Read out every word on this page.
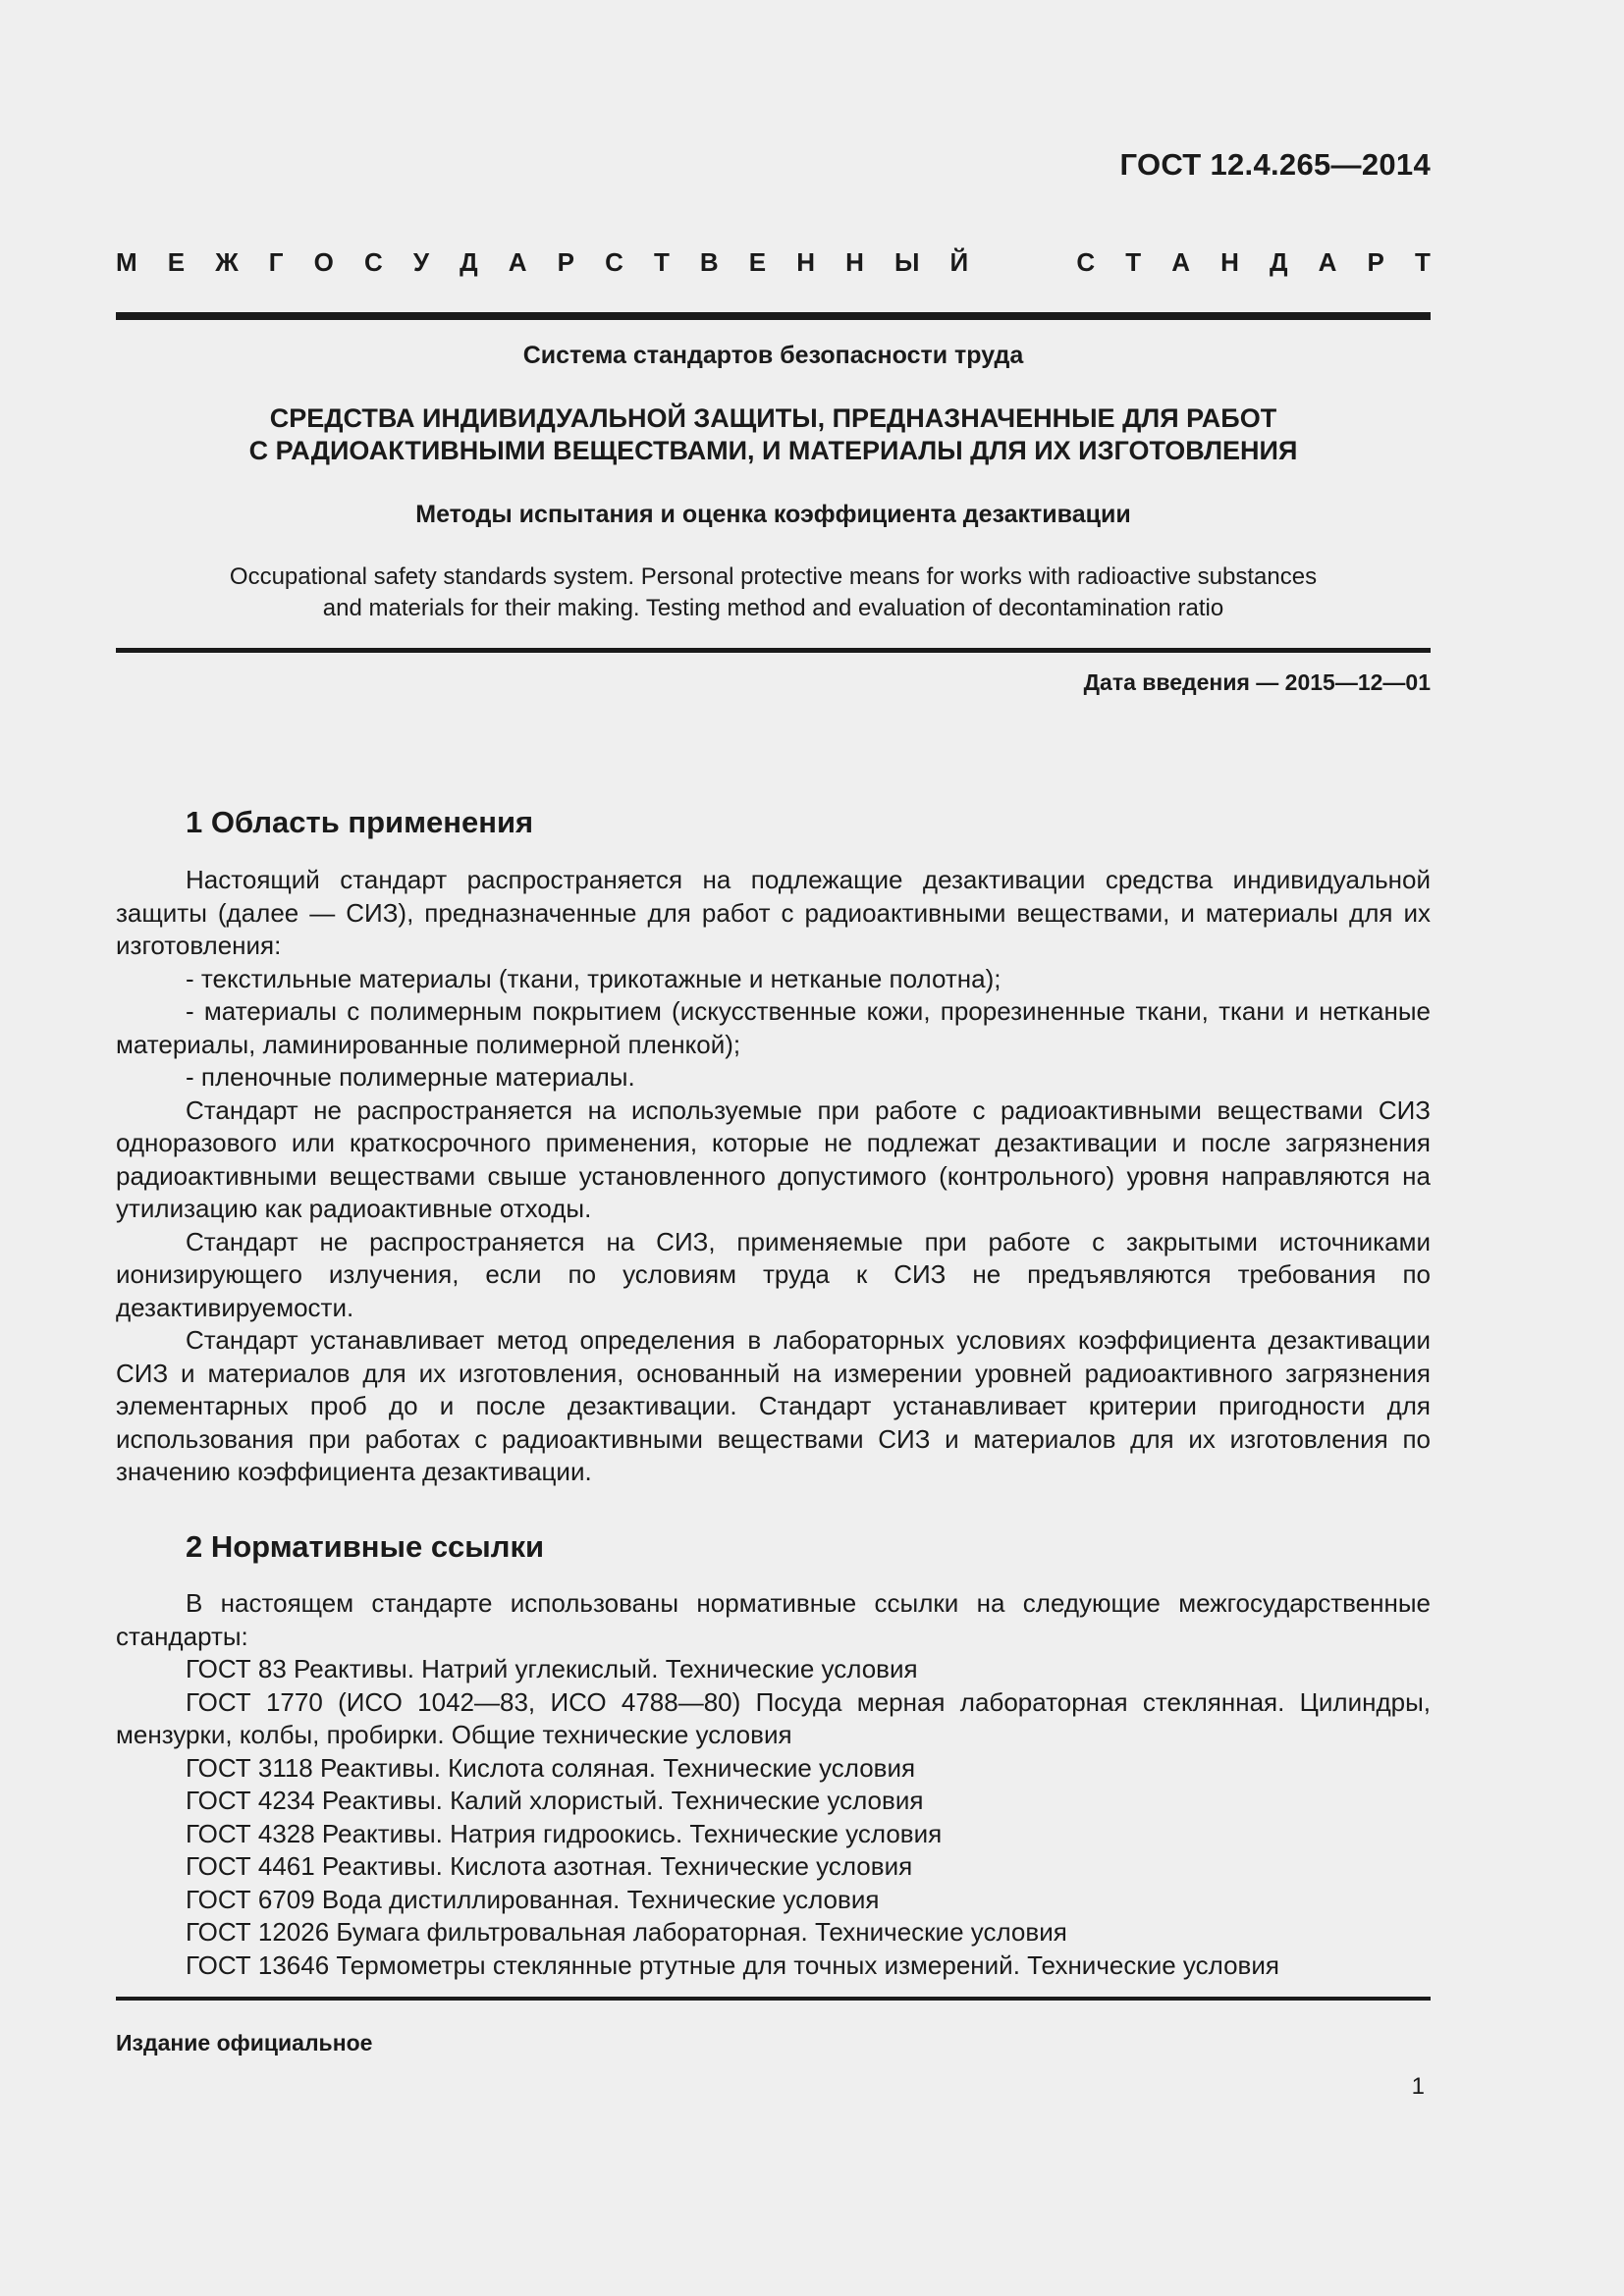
ГОСТ 12.4.265—2014
М Е Ж Г О С У Д А Р С Т В Е Н Н Ы Й	С Т А Н Д А Р Т
Система стандартов безопасности труда
СРЕДСТВА ИНДИВИДУАЛЬНОЙ ЗАЩИТЫ, ПРЕДНАЗНАЧЕННЫЕ ДЛЯ РАБОТ
С РАДИОАКТИВНЫМИ ВЕЩЕСТВАМИ, И МАТЕРИАЛЫ ДЛЯ ИХ ИЗГОТОВЛЕНИЯ
Методы испытания и оценка коэффициента дезактивации
Occupational safety standards system. Personal protective means for works with radioactive substances
and materials for their making. Testing method and evaluation of decontamination ratio
Дата введения — 2015—12—01
1 Область применения

Настоящий стандарт распространяется на подлежащие дезактивации средства индивидуальной защиты (далее — СИЗ), предназначенные для работ с радиоактивными веществами, и материалы для их изготовления:

- текстильные материалы (ткани, трикотажные и нетканые полотна);

- материалы с полимерным покрытием (искусственные кожи, прорезиненные ткани, ткани и нетканые материалы, ламинированные полимерной пленкой);

- пленочные полимерные материалы.

Стандарт не распространяется на используемые при работе с радиоактивными веществами СИЗ одноразового или краткосрочного применения, которые не подлежат дезактивации и после загрязнения радиоактивными веществами свыше установленного допустимого (контрольного) уровня направляются на утилизацию как радиоактивные отходы.

Стандарт не распространяется на СИЗ, применяемые при работе с закрытыми источниками ионизирующего излучения, если по условиям труда к СИЗ не предъявляются требования по дезактивируемости.

Стандарт устанавливает метод определения в лабораторных условиях коэффициента дезактивации СИЗ и материалов для их изготовления, основанный на измерении уровней радиоактивного загрязнения элементарных проб до и после дезактивации. Стандарт устанавливает критерии пригодности для использования при работах с радиоактивными веществами СИЗ и материалов для их изготовления по значению коэффициента дезактивации.

2 Нормативные ссылки

В настоящем стандарте использованы нормативные ссылки на следующие межгосударственные стандарты:

ГОСТ 83 Реактивы. Натрий углекислый. Технические условия

ГОСТ 1770 (ИСО 1042—83, ИСО 4788—80) Посуда мерная лабораторная стеклянная. Цилиндры, мензурки, колбы, пробирки. Общие технические условия

ГОСТ 3118 Реактивы. Кислота соляная. Технические условия

ГОСТ 4234 Реактивы. Калий хлористый. Технические условия

ГОСТ 4328 Реактивы. Натрия гидроокись. Технические условия

ГОСТ 4461 Реактивы. Кислота азотная. Технические условия

ГОСТ 6709 Вода дистиллированная. Технические условия

ГОСТ 12026 Бумага фильтровальная лабораторная. Технические условия

ГОСТ 13646 Термометры стеклянные ртутные для точных измерений. Технические условия

Издание официальное
1
